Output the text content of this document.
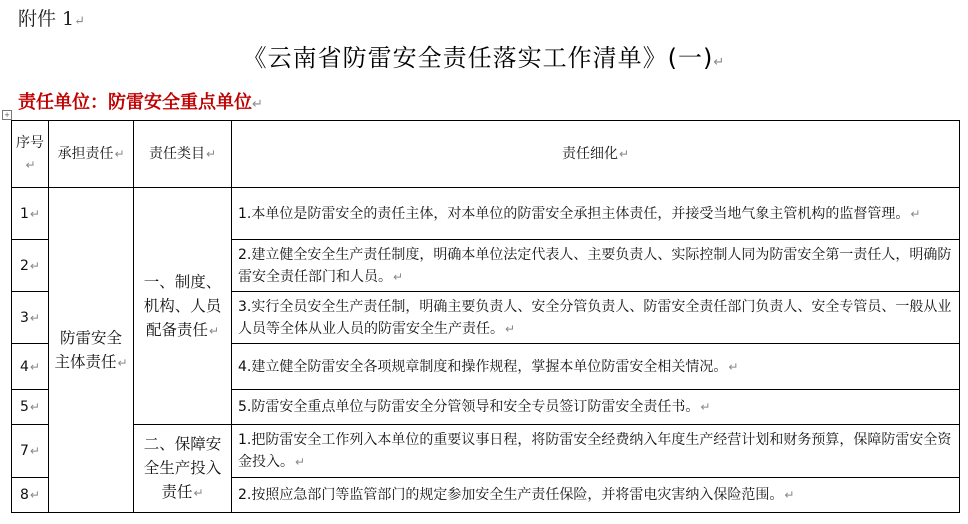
附件 1↵
《云南省防雷安全责任落实工作清单》(一)↵
责任单位：防雷安全重点单位↵
+
序号↵	承担责任↵	责任类目↵	责任细化↵
1↵	防雷安全主体责任↵	一、制度、机构、人员配备责任↵	1.本单位是防雷安全的责任主体，对本单位的防雷安全承担主体责任，并接受当地气象主管机构的监督管理。↵
2↵			2.建立健全安全生产责任制度，明确本单位法定代表人、主要负责人、实际控制人同为防雷安全第一责任人，明确防雷安全责任部门和人员。↵
3↵			3.实行全员安全生产责任制，明确主要负责人、安全分管负责人、防雷安全责任部门负责人、安全专管员、一般从业人员等全体从业人员的防雷安全生产责任。↵
4↵			4.建立健全防雷安全各项规章制度和操作规程，掌握本单位防雷安全相关情况。↵
5↵			5.防雷安全重点单位与防雷安全分管领导和安全专员签订防雷安全责任书。↵
7↵		二、保障安全生产投入责任↵	1.把防雷安全工作列入本单位的重要议事日程，将防雷安全经费纳入年度生产经营计划和财务预算，保障防雷安全资金投入。↵
8↵			2.按照应急部门等监管部门的规定参加安全生产责任保险，并将雷电灾害纳入保险范围。↵
